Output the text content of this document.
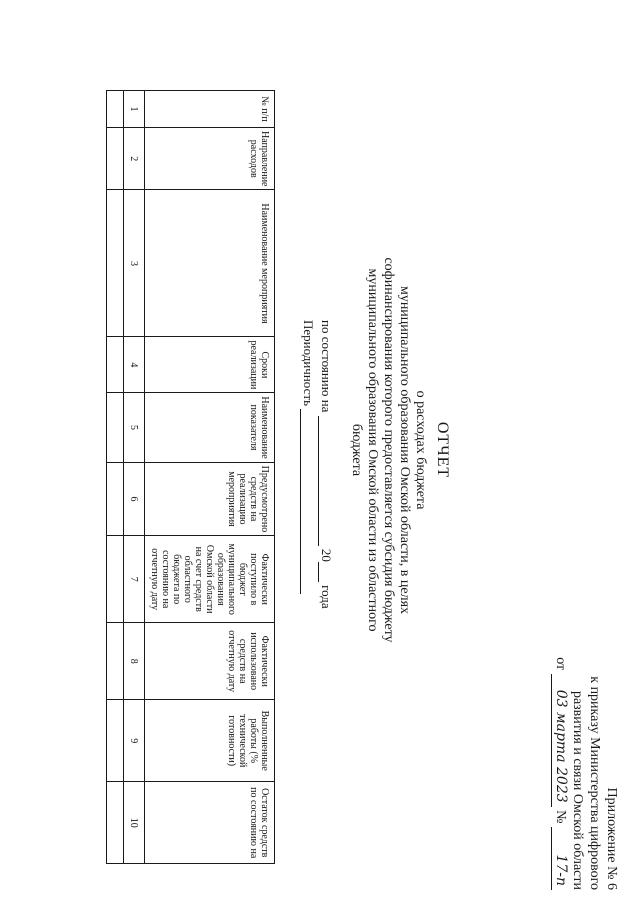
Приложение № 6
к приказу Министерства цифрового
развития и связи Омской области
от 03 марта 2023 № 17-п
ОТЧЕТ
о расходах бюджета
муниципального образования Омской области, в целях
софинансирования которого предоставляется субсидия бюджету
муниципального образования Омской области из областного
бюджета
по состоянию на  20 года
Периодичность
№ п/п	Направление расходов	Наименование мероприятия	Сроки реализации	Наименование показателя	Предусмотрено средств на реализацию мероприятия	Фактически поступило в бюджет муниципального образования Омской области на счет средств областного бюджета по состоянию на отчетную дату	Фактически использовано средств на отчетную дату	Выполненные работы (% технической готовности)	Остаток средств по состоянию на
1	2	3	4	5	6	7	8	9	10
